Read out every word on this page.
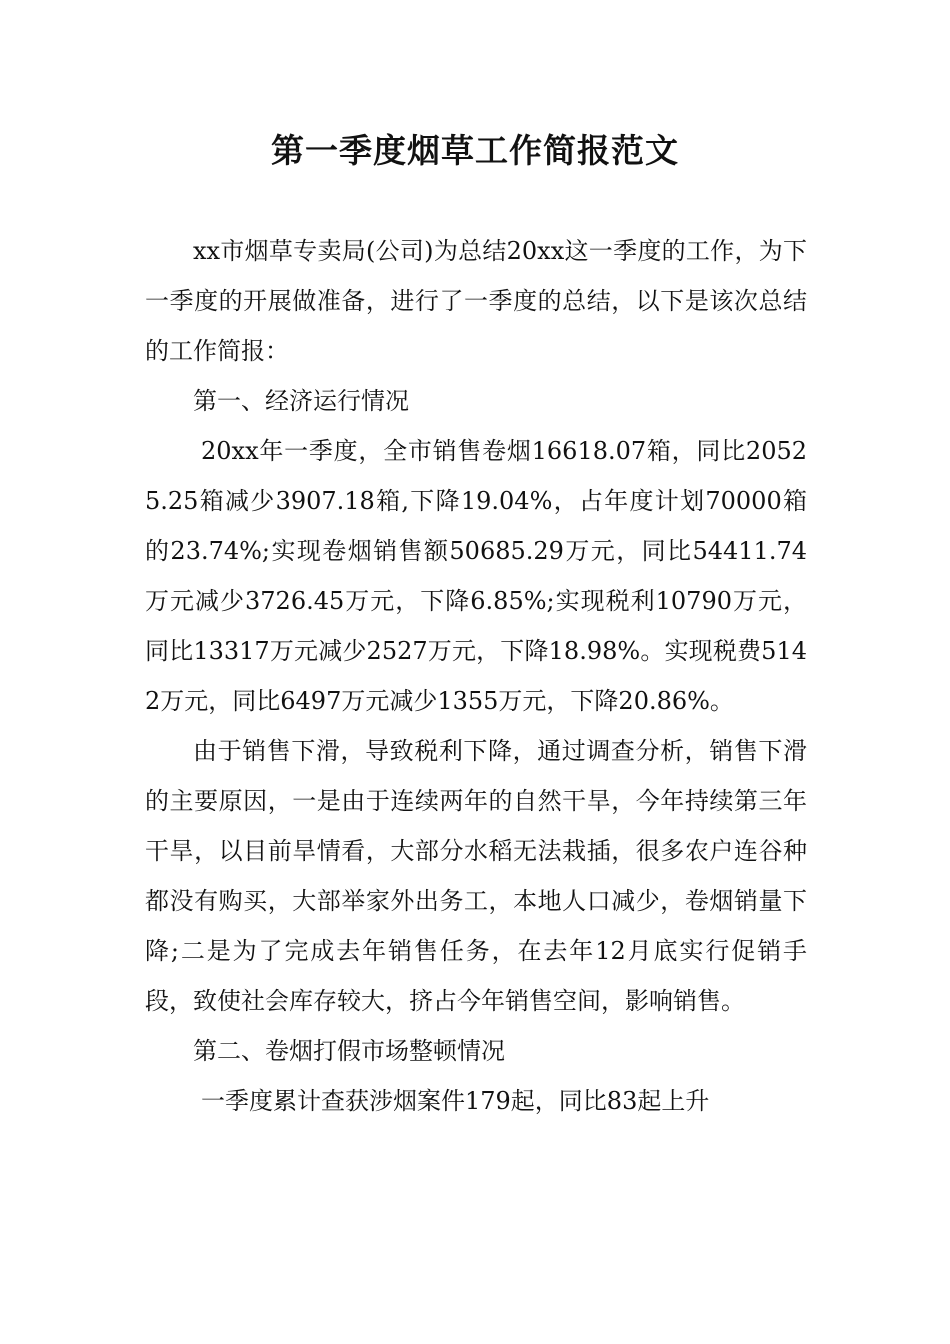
第一季度烟草工作简报范文

xx市烟草专卖局(公司)为总结20xx这一季度的工作，为下一季度的开展做准备，进行了一季度的总结，以下是该次总结的工作简报：

第一、经济运行情况

20xx年一季度，全市销售卷烟16618.07箱，同比20525.25箱减少3907.18箱,下降19.04%，占年度计划70000箱的23.74%;实现卷烟销售额50685.29万元，同比54411.74万元减少3726.45万元，下降6.85%;实现税利10790万元，同比13317万元减少2527万元，下降18.98%。实现税费5142万元，同比6497万元减少1355万元，下降20.86%。

由于销售下滑，导致税利下降，通过调查分析，销售下滑的主要原因，一是由于连续两年的自然干旱，今年持续第三年干旱，以目前旱情看，大部分水稻无法栽插，很多农户连谷种都没有购买，大部举家外出务工，本地人口减少，卷烟销量下降;二是为了完成去年销售任务，在去年12月底实行促销手段，致使社会库存较大，挤占今年销售空间，影响销售。

第二、卷烟打假市场整顿情况

一季度累计查获涉烟案件179起，同比83起上升
